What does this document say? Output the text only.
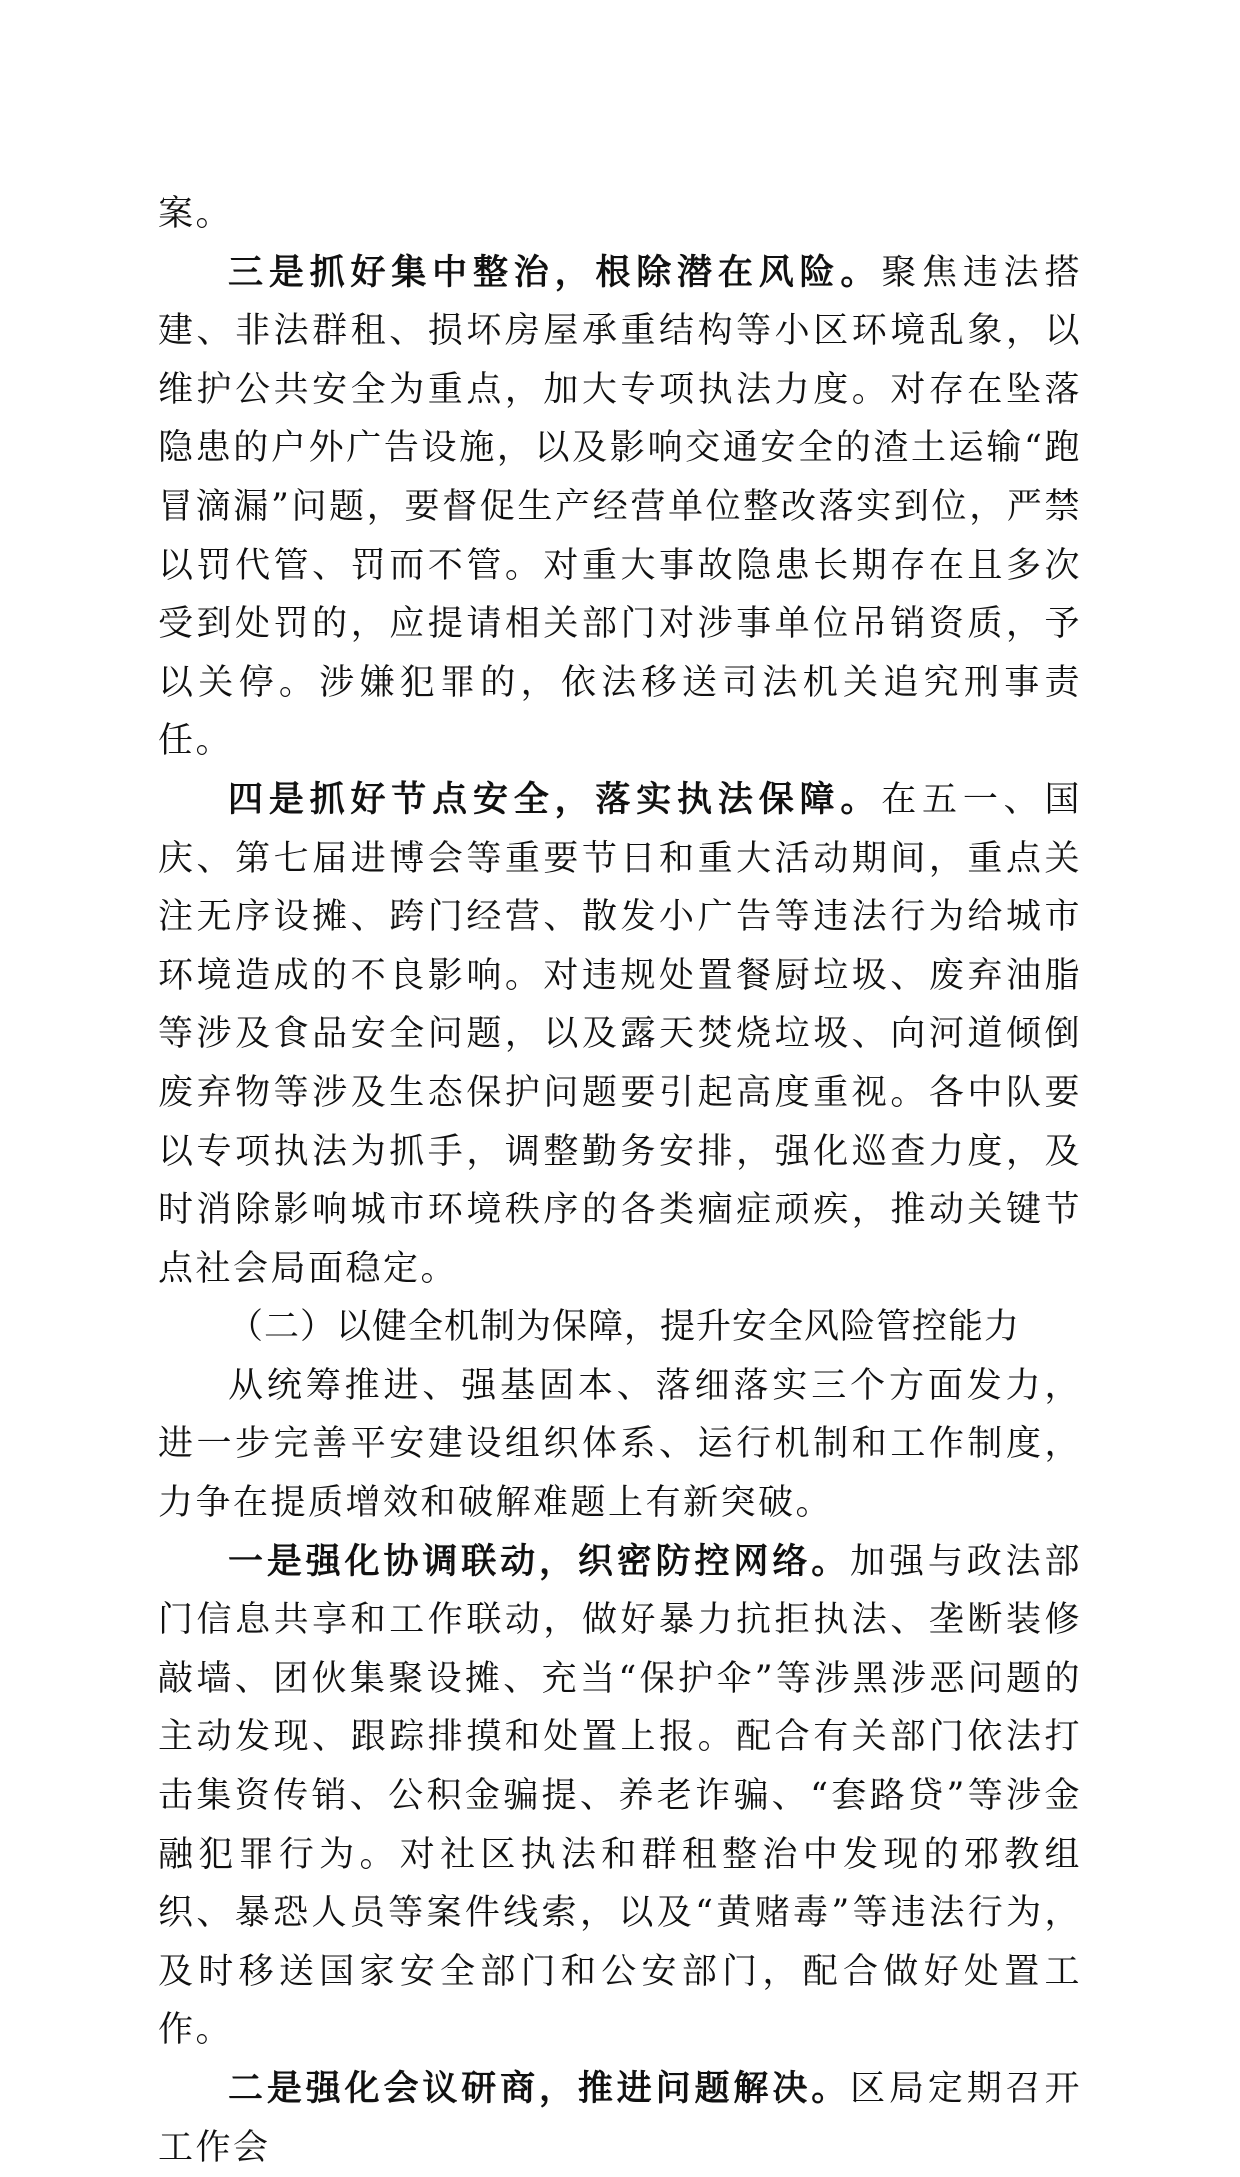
案。

三是抓好集中整治，根除潜在风险。聚焦违法搭建、非法群租、损坏房屋承重结构等小区环境乱象，以维护公共安全为重点，加大专项执法力度。对存在坠落隐患的户外广告设施，以及影响交通安全的渣土运输“跑冒滴漏”问题，要督促生产经营单位整改落实到位，严禁以罚代管、罚而不管。对重大事故隐患长期存在且多次受到处罚的，应提请相关部门对涉事单位吊销资质，予以关停。涉嫌犯罪的，依法移送司法机关追究刑事责任。

四是抓好节点安全，落实执法保障。在五一、国庆、第七届进博会等重要节日和重大活动期间，重点关注无序设摊、跨门经营、散发小广告等违法行为给城市环境造成的不良影响。对违规处置餐厨垃圾、废弃油脂等涉及食品安全问题，以及露天焚烧垃圾、向河道倾倒废弃物等涉及生态保护问题要引起高度重视。各中队要以专项执法为抓手，调整勤务安排，强化巡查力度，及时消除影响城市环境秩序的各类痼症顽疾，推动关键节点社会局面稳定。

（二）以健全机制为保障，提升安全风险管控能力

从统筹推进、强基固本、落细落实三个方面发力，进一步完善平安建设组织体系、运行机制和工作制度，力争在提质增效和破解难题上有新突破。

一是强化协调联动，织密防控网络。加强与政法部门信息共享和工作联动，做好暴力抗拒执法、垄断装修敲墙、团伙集聚设摊、充当“保护伞”等涉黑涉恶问题的主动发现、跟踪排摸和处置上报。配合有关部门依法打击集资传销、公积金骗提、养老诈骗、“套路贷”等涉金融犯罪行为。对社区执法和群租整治中发现的邪教组织、暴恐人员等案件线索，以及“黄赌毒”等违法行为，及时移送国家安全部门和公安部门，配合做好处置工作。

二是强化会议研商，推进问题解决。区局定期召开工作会
